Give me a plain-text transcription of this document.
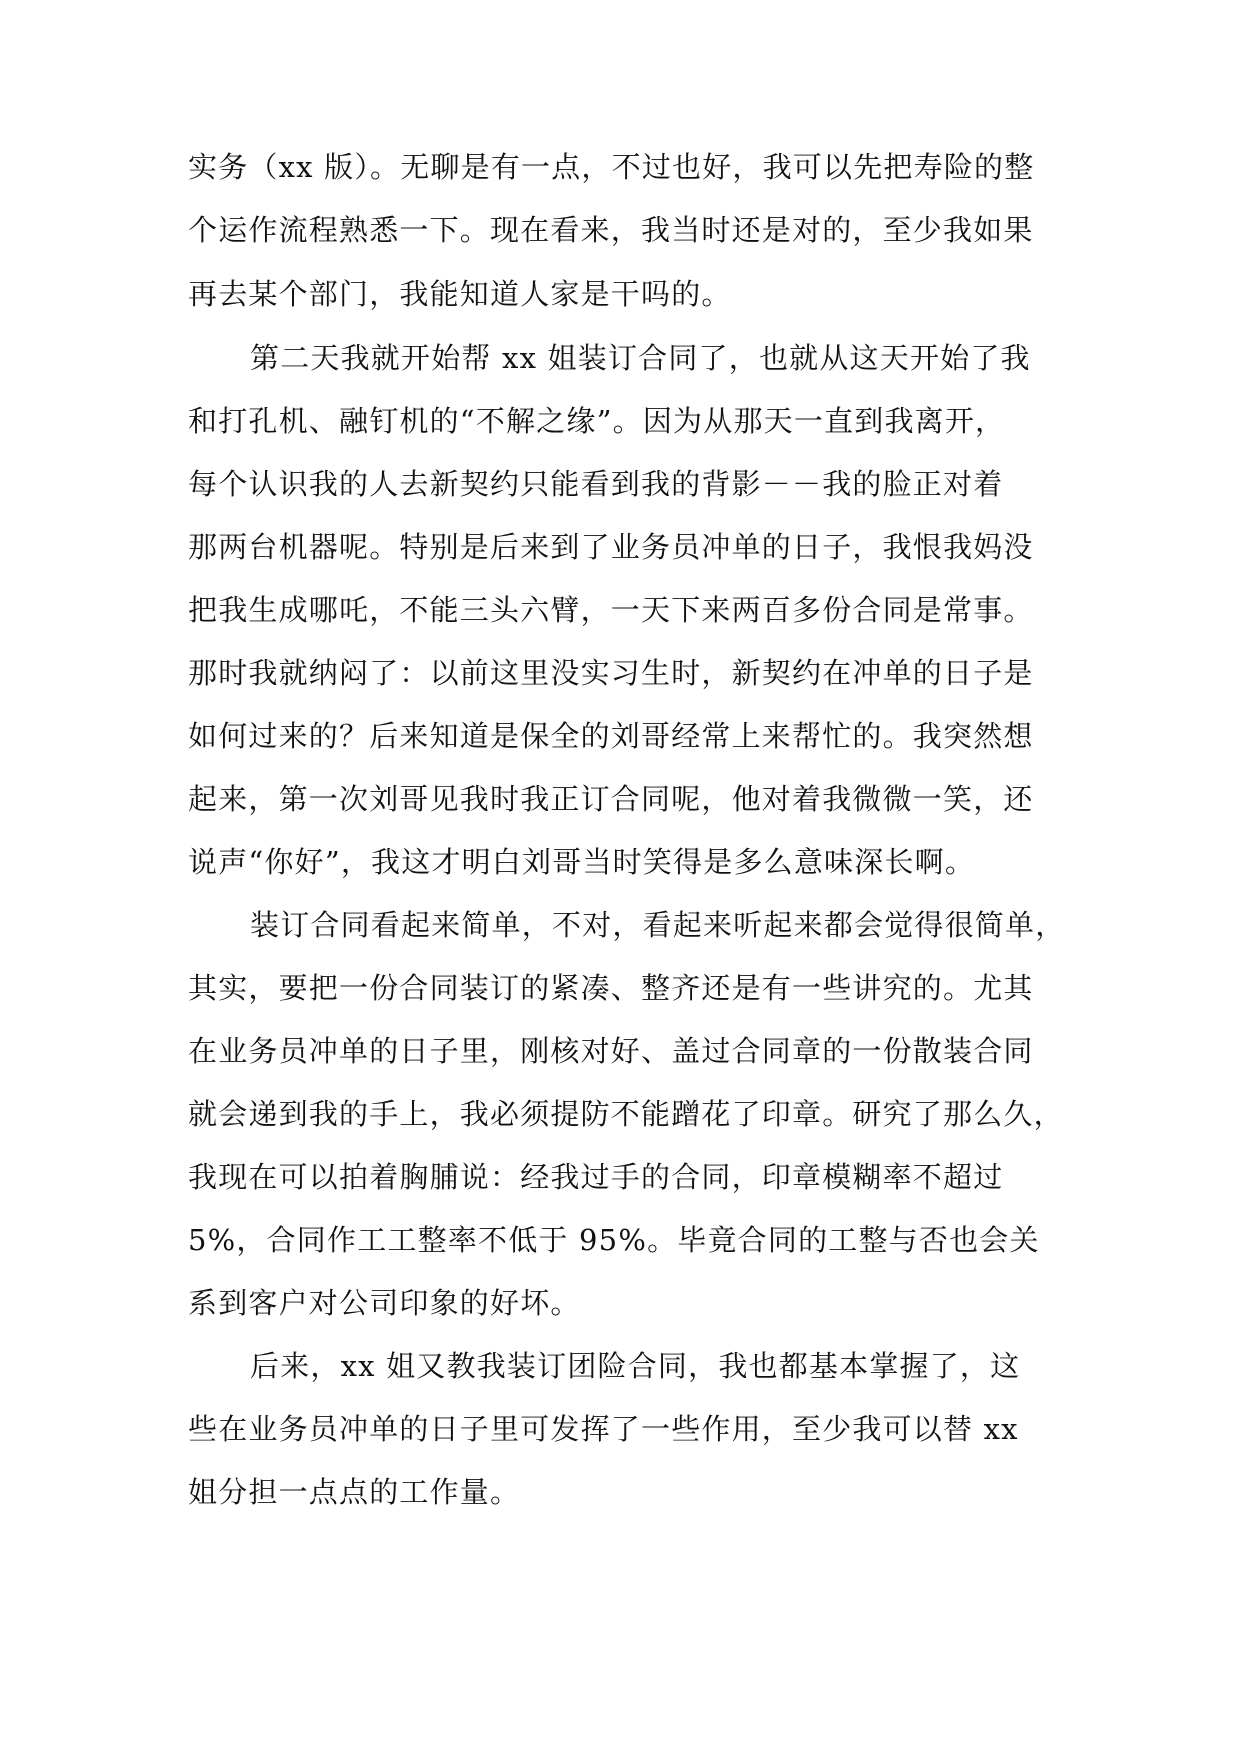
实务（xx 版）。无聊是有一点，不过也好，我可以先把寿险的整
个运作流程熟悉一下。现在看来，我当时还是对的，至少我如果
再去某个部门，我能知道人家是干吗的。
第二天我就开始帮 xx 姐装订合同了，也就从这天开始了我
和打孔机、融钉机的“不解之缘”。因为从那天一直到我离开，
每个认识我的人去新契约只能看到我的背影－－我的脸正对着
那两台机器呢。特别是后来到了业务员冲单的日子，我恨我妈没
把我生成哪吒，不能三头六臂，一天下来两百多份合同是常事。
那时我就纳闷了：以前这里没实习生时，新契约在冲单的日子是
如何过来的？后来知道是保全的刘哥经常上来帮忙的。我突然想
起来，第一次刘哥见我时我正订合同呢，他对着我微微一笑，还
说声“你好”，我这才明白刘哥当时笑得是多么意味深长啊。
装订合同看起来简单，不对，看起来听起来都会觉得很简单，
其实，要把一份合同装订的紧凑、整齐还是有一些讲究的。尤其
在业务员冲单的日子里，刚核对好、盖过合同章的一份散装合同
就会递到我的手上，我必须提防不能蹭花了印章。研究了那么久，
我现在可以拍着胸脯说：经我过手的合同，印章模糊率不超过
5%，合同作工工整率不低于 95%。毕竟合同的工整与否也会关
系到客户对公司印象的好坏。
后来，xx 姐又教我装订团险合同，我也都基本掌握了，这
些在业务员冲单的日子里可发挥了一些作用，至少我可以替 xx
姐分担一点点的工作量。
